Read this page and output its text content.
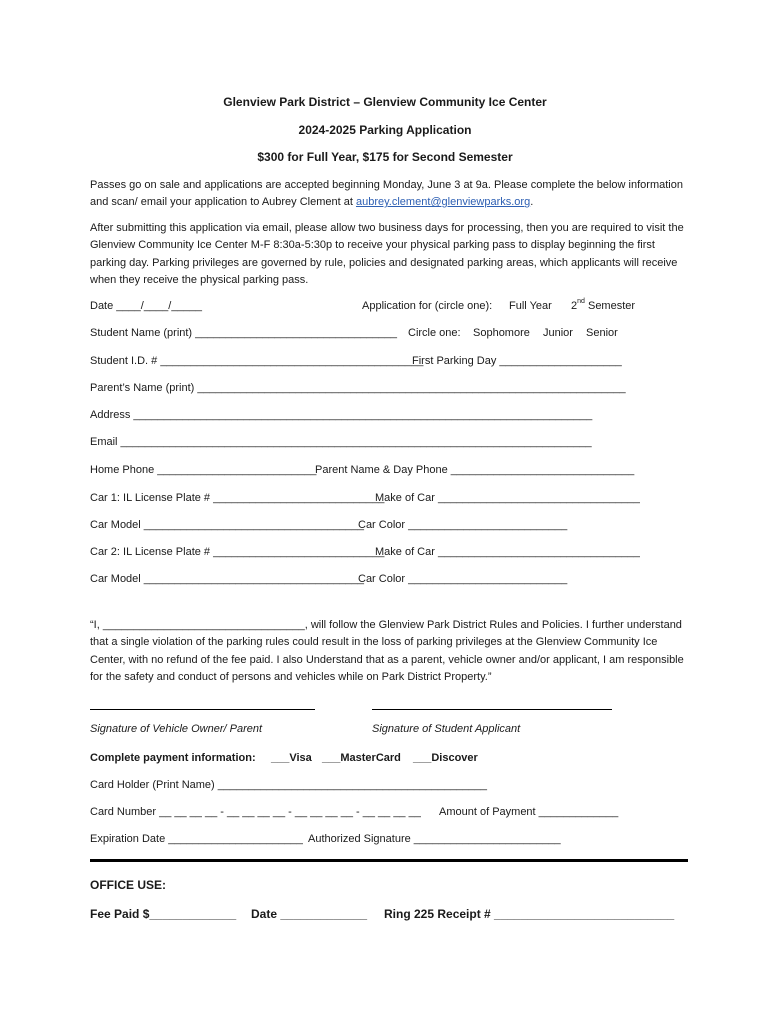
Glenview Park District – Glenview Community Ice Center
2024-2025 Parking Application
$300 for Full Year, $175 for Second Semester
Passes go on sale and applications are accepted beginning Monday, June 3 at 9a. Please complete the below information and scan/ email your application to Aubrey Clement at aubrey.clement@glenviewparks.org.
After submitting this application via email, please allow two business days for processing, then you are required to visit the Glenview Community Ice Center M-F 8:30a-5:30p to receive your physical parking pass to display beginning the first parking day. Parking privileges are governed by rule, policies and designated parking areas, which applicants will receive when they receive the physical parking pass.
Date ____/____/_____	Application for (circle one): Full Year 2nd Semester
Student Name (print) _________________________________ Circle one: Sophomore Junior Senior
Student I.D. # ___________________________________________
First Parking Day ____________________
Parent’s Name (print) ______________________________________________________________________
Address ___________________________________________________________________________
Email _____________________________________________________________________________
Home Phone __________________________
Parent Name & Day Phone ______________________________
Car 1: IL License Plate # ____________________________
Make of Car _________________________________
Car Model ____________________________________
Car Color __________________________
Car 2: IL License Plate # ____________________________
Make of Car _________________________________
Car Model ____________________________________
Car Color __________________________
“I, _________________________________, will follow the Glenview Park District Rules and Policies. I further understand that a single violation of the parking rules could result in the loss of parking privileges at the Glenview Community Ice Center, with no refund of the fee paid. I also Understand that as a parent, vehicle owner and/or applicant, I am responsible for the safety and conduct of persons and vehicles while on Park District Property.”
Signature of Vehicle Owner/ Parent	Signature of Student Applicant
Complete payment information: ___Visa ___MasterCard ___Discover
Card Holder (Print Name) ____________________________________________
Card Number __ __ __ __ - __ __ __ __ - __ __ __ __ - __ __ __ __ Amount of Payment _____________
Expiration Date ______________________ Authorized Signature ________________________
OFFICE USE:
Fee Paid $_____________ Date _____________ Ring 225 Receipt # ___________________________
